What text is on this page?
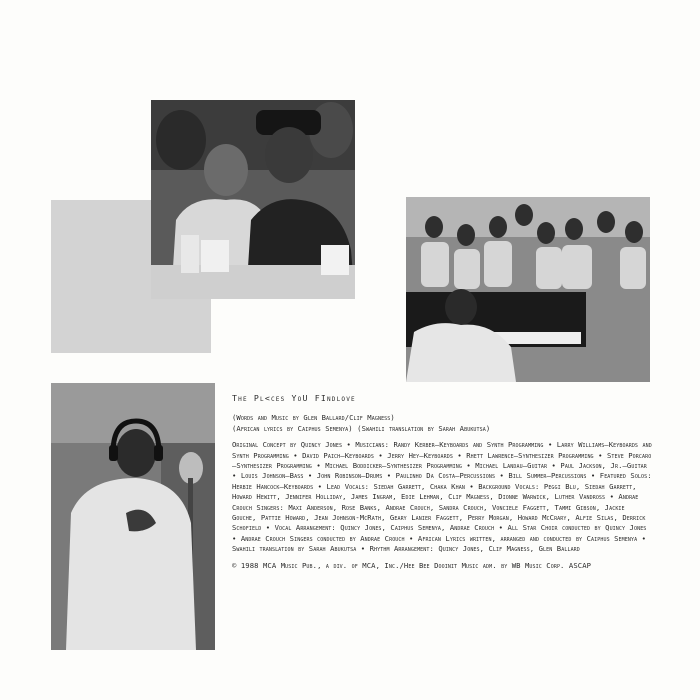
The Pl<ces YoU FIndlove

(Words and Music by Glen Ballard/Clif Magness)
(African lyrics by Caiphus Semenya) (Swahili translation by Sarah Abukutsa)

Original Concept by Quincy Jones • Musicians: Randy Kerber—Keyboards and Synth Programming • Larry Williams—Keyboards and Synth Programming • David Paich—Keyboards • Jerry Hey—Keyboards • Rhett Lawrence—Synthesizer Programming • Steve Porcaro—Synthesizer Programming • Michael Boddicker—Synthesizer Programming • Michael Landau—Guitar • Paul Jackson, Jr.—Guitar • Louis Johnson—Bass • John Robinson—Drums • Paulinho Da Costa—Percussions • Bill Summer—Percussions • Featured Solos: Herbie Hancock—Keyboards • Lead Vocals: Siedah Garrett, Chaka Khan • Background Vocals: Peggi Blu, Siedah Garrett, Howard Hewitt, Jennifer Holliday, James Ingram, Edie Lehman, Clif Magness, Dionne Warwick, Luther Vandross • Andrae Crouch Singers: Maxi Anderson, Rose Banks, Andrae Crouch, Sandra Crouch, Vonciele Faggett, Tammi Gibson, Jackie Gouche, Pattie Howard, Jean Johnson-McRath, Geary Lanier Faggett, Perry Morgan, Howard McCrary, Alfie Silas, Derrick Schofield • Vocal Arrangement: Quincy Jones, Caiphus Semenya, Andrae Crouch • All Star Choir conducted by Quincy Jones • Andrae Crouch Singers conducted by Andrae Crouch • African Lyrics written, arranged and conducted by Caiphus Semenya • Swahili translation by Sarah Abukutsa • Rhythm Arrangement: Quincy Jones, Clif Magness, Glen Ballard

© 1988 MCA Music Pub., a div. of MCA, Inc./Hee Bee Dooinit Music adm. by WB Music Corp. ASCAP
